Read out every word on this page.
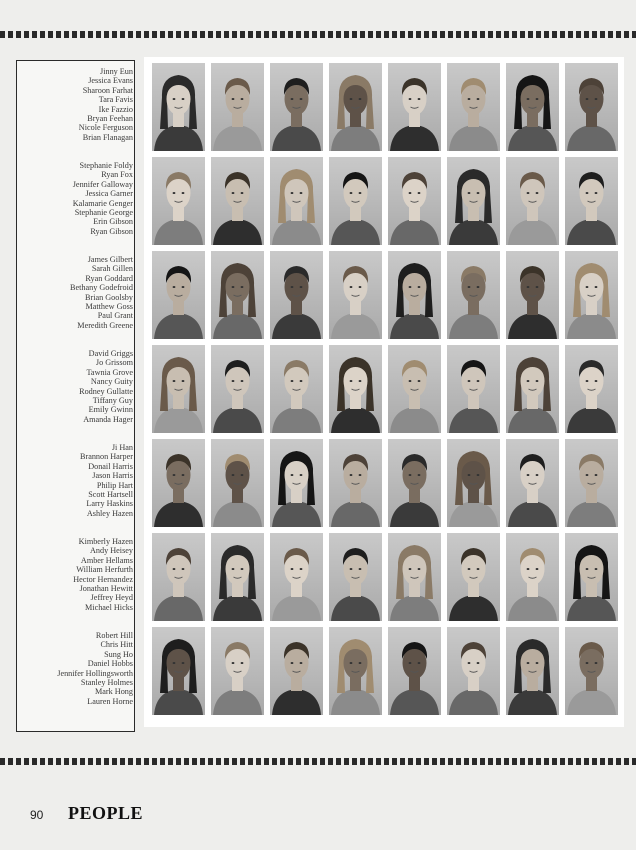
Jinny Eun
Jessica Evans
Sharoon Farhat
Tara Favis
Ike Fazzio
Bryan Feehan
Nicole Ferguson
Brian Flanagan
Stephanie Foldy
Ryan Fox
Jennifer Galloway
Jessica Garner
Kalamarie Genger
Stephanie George
Erin Gibson
Ryan Gibson
James Gilbert
Sarah Gillen
Ryan Goddard
Bethany Godefroid
Brian Goolsby
Matthew Goss
Paul Grant
Meredith Greene
David Griggs
Jo Grissom
Tawnia Grove
Nancy Guity
Rodney Gullatte
Tiffany Guy
Emily Gwinn
Amanda Hager
Ji Han
Brannon Harper
Donail Harris
Jason Harris
Philip Hart
Scott Hartsell
Larry Haskins
Ashley Hazen
Kimberly Hazen
Andy Heisey
Amber Hellams
William Herfurth
Hector Hernandez
Jonathan Hewitt
Jeffrey Heyd
Michael Hicks
Robert Hill
Chris Hitt
Sung Ho
Daniel Hobbs
Jennifer Hollingsworth
Stanley Holmes
Mark Hong
Lauren Horne
90 PEOPLE
